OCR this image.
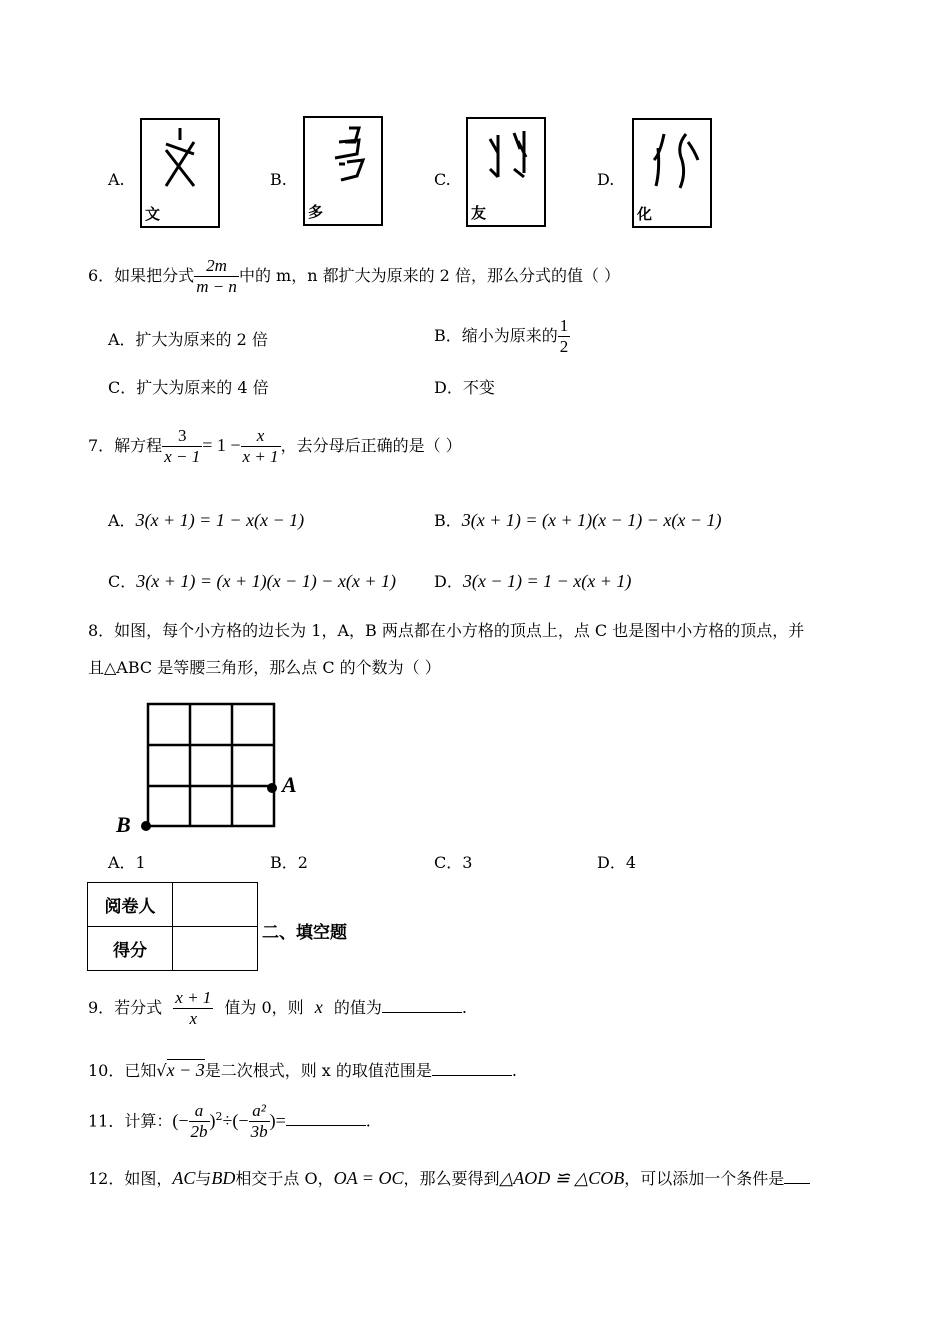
A.
文
B.
多
C.
友
D.
化
6．如果把分式 $\frac{2m}{m - n}$ 中的 m，n 都扩大为原来的 2 倍，那么分式的值（ ）
A．扩大为原来的 2 倍	B．缩小为原来的 $\frac{1}{2}$
C．扩大为原来的 4 倍	D．不变
7．解方程 $\frac{3}{x - 1} = 1 - \frac{x}{x + 1}$ ，去分母后正确的是（ ）
A．3(x + 1) = 1 − x(x − 1)	B．3(x + 1) = (x + 1)(x − 1) − x(x − 1)
C．3(x + 1) = (x + 1)(x − 1) − x(x + 1) D．3(x − 1) = 1 − x(x + 1)
8．如图，每个小方格的边长为 1，A，B 两点都在小方格的顶点上，点 C 也是图中小方格的顶点，并
且△ABC 是等腰三角形，那么点 C 的个数为（ ）
A
B
A．1	B．2	C．3	D．4
阅卷人	
得分	
二、填空题
9．若分式 $\frac{x + 1}{x}$ 值为 0，则 x 的值为	.
10．已知√x − 3是二次根式，则 x 的取值范围是	.
11．计算：(− $\frac{a}{2b} )^2\div(- \frac{\text{a²}}{3b}$ )=	.
12．如图，AC与BD相交于点 O，OA = OC，那么要得到△AOD ≌ △COB，可以添加一个条件是
